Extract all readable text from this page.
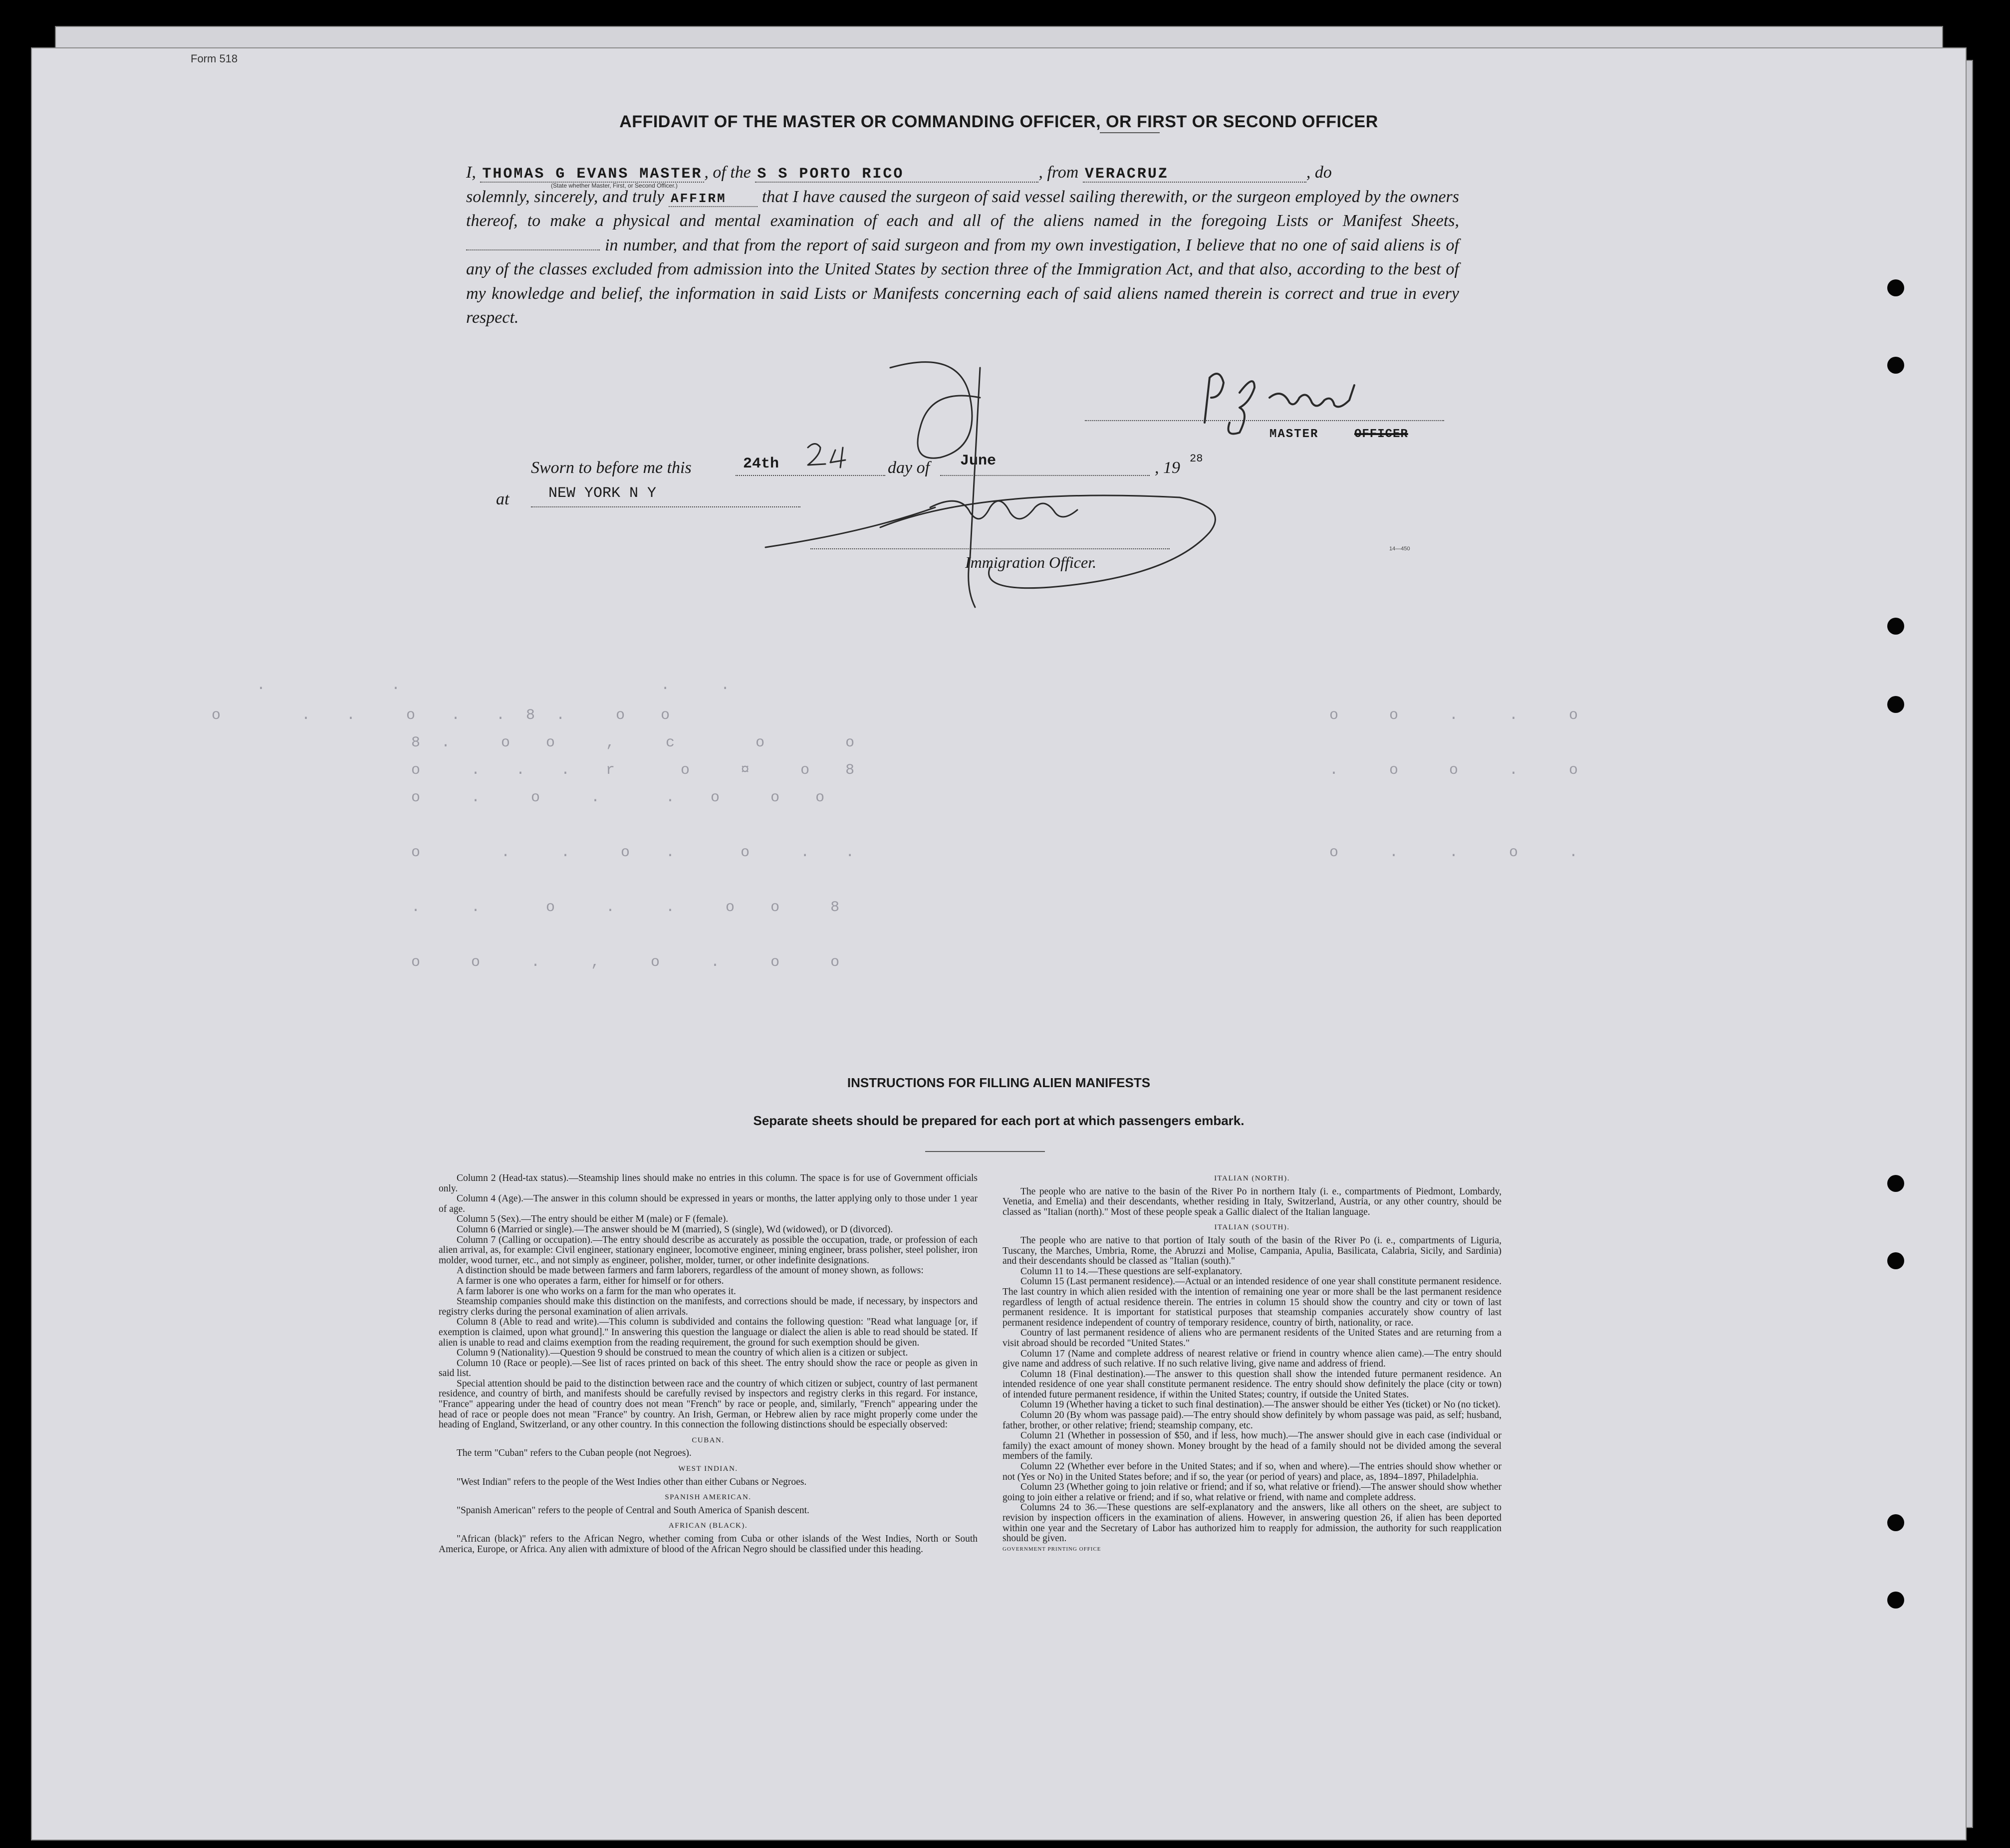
Form 518
.        .                 .   .
o     .  .   o  .  . 8 .   o  o
8 .   o  o   ,   c     o     o
o   .  .  .  r    o   ¤   o  8
o   .   o   .    .  o   o  o
o     .   .   o  .    o   .  .
.   .    o   .   .   o  o   8
o   o   .   ,   o   .   o   o
o   o   .   .   o
.   o   o   .   o
o   .   .   o   .
AFFIDAVIT OF THE MASTER OR COMMANDING OFFICER, OR FIRST OR SECOND OFFICER
I, THOMAS G EVANS MASTER , of the S S PORTO RICO	, from VERACRUZ	, do
solemnly, sincerely, and truly AFFIRM that I have caused the surgeon of said vessel sailing therewith, or the surgeon employed by the owners thereof, to make a physical and mental examination of each and all of the aliens named in the foregoing Lists or Manifest Sheets,  in number, and that from the report of said surgeon and from my own investigation, I believe that no one of said aliens is of any of the classes excluded from admission into the United States by section three of the Immigration Act, and that also, according to the best of my knowledge and belief, the information in said Lists or Manifests concerning each of said aliens named therein is correct and true in every respect.
(State whether Master, First, or Second Officer.)
MASTER	OFFICER
Sworn to before me this	24th	day of June	, 19 28
at	NEW YORK N Y
Immigration Officer.
14—450
INSTRUCTIONS FOR FILLING ALIEN MANIFESTS
Separate sheets should be prepared for each port at which passengers embark.

Column 2 (Head-tax status).—Steamship lines should make no entries in this column. The space is for use of Government officials only.

Column 4 (Age).—The answer in this column should be expressed in years or months, the latter applying only to those under 1 year of age.

Column 5 (Sex).—The entry should be either M (male) or F (female).

Column 6 (Married or single).—The answer should be M (married), S (single), Wd (widowed), or D (divorced).

Column 7 (Calling or occupation).—The entry should describe as accurately as possible the occupation, trade, or profession of each alien arrival, as, for example: Civil engineer, stationary engineer, locomotive engineer, mining engineer, brass polisher, steel polisher, iron molder, wood turner, etc., and not simply as engineer, polisher, molder, turner, or other indefinite designations.

A distinction should be made between farmers and farm laborers, regardless of the amount of money shown, as follows:

A farmer is one who operates a farm, either for himself or for others.

A farm laborer is one who works on a farm for the man who operates it.

Steamship companies should make this distinction on the manifests, and corrections should be made, if necessary, by inspectors and registry clerks during the personal examination of alien arrivals.

Column 8 (Able to read and write).—This column is subdivided and contains the following question: "Read what language [or, if exemption is claimed, upon what ground]." In answering this question the language or dialect the alien is able to read should be stated. If alien is unable to read and claims exemption from the reading requirement, the ground for such exemption should be given.

Column 9 (Nationality).—Question 9 should be construed to mean the country of which alien is a citizen or subject.

Column 10 (Race or people).—See list of races printed on back of this sheet. The entry should show the race or people as given in said list.

Special attention should be paid to the distinction between race and the country of which citizen or subject, country of last permanent residence, and country of birth, and manifests should be carefully revised by inspectors and registry clerks in this regard. For instance, "France" appearing under the head of country does not mean "French" by race or people, and, similarly, "French" appearing under the head of race or people does not mean "France" by country. An Irish, German, or Hebrew alien by race might properly come under the heading of England, Switzerland, or any other country. In this connection the following distinctions should be especially observed:

CUBAN.

The term "Cuban" refers to the Cuban people (not Negroes).

WEST INDIAN.

"West Indian" refers to the people of the West Indies other than either Cubans or Negroes.

SPANISH AMERICAN.

"Spanish American" refers to the people of Central and South America of Spanish descent.

AFRICAN (BLACK).

"African (black)" refers to the African Negro, whether coming from Cuba or other islands of the West Indies, North or South America, Europe, or Africa. Any alien with admixture of blood of the African Negro should be classified under this heading.

ITALIAN (NORTH).

The people who are native to the basin of the River Po in northern Italy (i. e., compartments of Piedmont, Lombardy, Venetia, and Emelia) and their descendants, whether residing in Italy, Switzerland, Austria, or any other country, should be classed as "Italian (north)." Most of these people speak a Gallic dialect of the Italian language.

ITALIAN (SOUTH).

The people who are native to that portion of Italy south of the basin of the River Po (i. e., compartments of Liguria, Tuscany, the Marches, Umbria, Rome, the Abruzzi and Molise, Campania, Apulia, Basilicata, Calabria, Sicily, and Sardinia) and their descendants should be classed as "Italian (south)."

Column 11 to 14.—These questions are self-explanatory.

Column 15 (Last permanent residence).—Actual or an intended residence of one year shall constitute permanent residence. The last country in which alien resided with the intention of remaining one year or more shall be the last permanent residence regardless of length of actual residence therein. The entries in column 15 should show the country and city or town of last permanent residence. It is important for statistical purposes that steamship companies accurately show country of last permanent residence independent of country of temporary residence, country of birth, nationality, or race.

Country of last permanent residence of aliens who are permanent residents of the United States and are returning from a visit abroad should be recorded "United States."

Column 17 (Name and complete address of nearest relative or friend in country whence alien came).—The entry should give name and address of such relative. If no such relative living, give name and address of friend.

Column 18 (Final destination).—The answer to this question shall show the intended future permanent residence. An intended residence of one year shall constitute permanent residence. The entry should show definitely the place (city or town) of intended future permanent residence, if within the United States; country, if outside the United States.

Column 19 (Whether having a ticket to such final destination).—The answer should be either Yes (ticket) or No (no ticket).

Column 20 (By whom was passage paid).—The entry should show definitely by whom passage was paid, as self; husband, father, brother, or other relative; friend; steamship company, etc.

Column 21 (Whether in possession of $50, and if less, how much).—The answer should give in each case (individual or family) the exact amount of money shown. Money brought by the head of a family should not be divided among the several members of the family.

Column 22 (Whether ever before in the United States; and if so, when and where).—The entries should show whether or not (Yes or No) in the United States before; and if so, the year (or period of years) and place, as, 1894–1897, Philadelphia.

Column 23 (Whether going to join relative or friend; and if so, what relative or friend).—The answer should show whether going to join either a relative or friend; and if so, what relative or friend, with name and complete address.

Columns 24 to 36.—These questions are self-explanatory and the answers, like all others on the sheet, are subject to revision by inspection officers in the examination of aliens. However, in answering question 26, if alien has been deported within one year and the Secretary of Labor has authorized him to reapply for admission, the authority for such reapplication should be given.

GOVERNMENT PRINTING OFFICE
